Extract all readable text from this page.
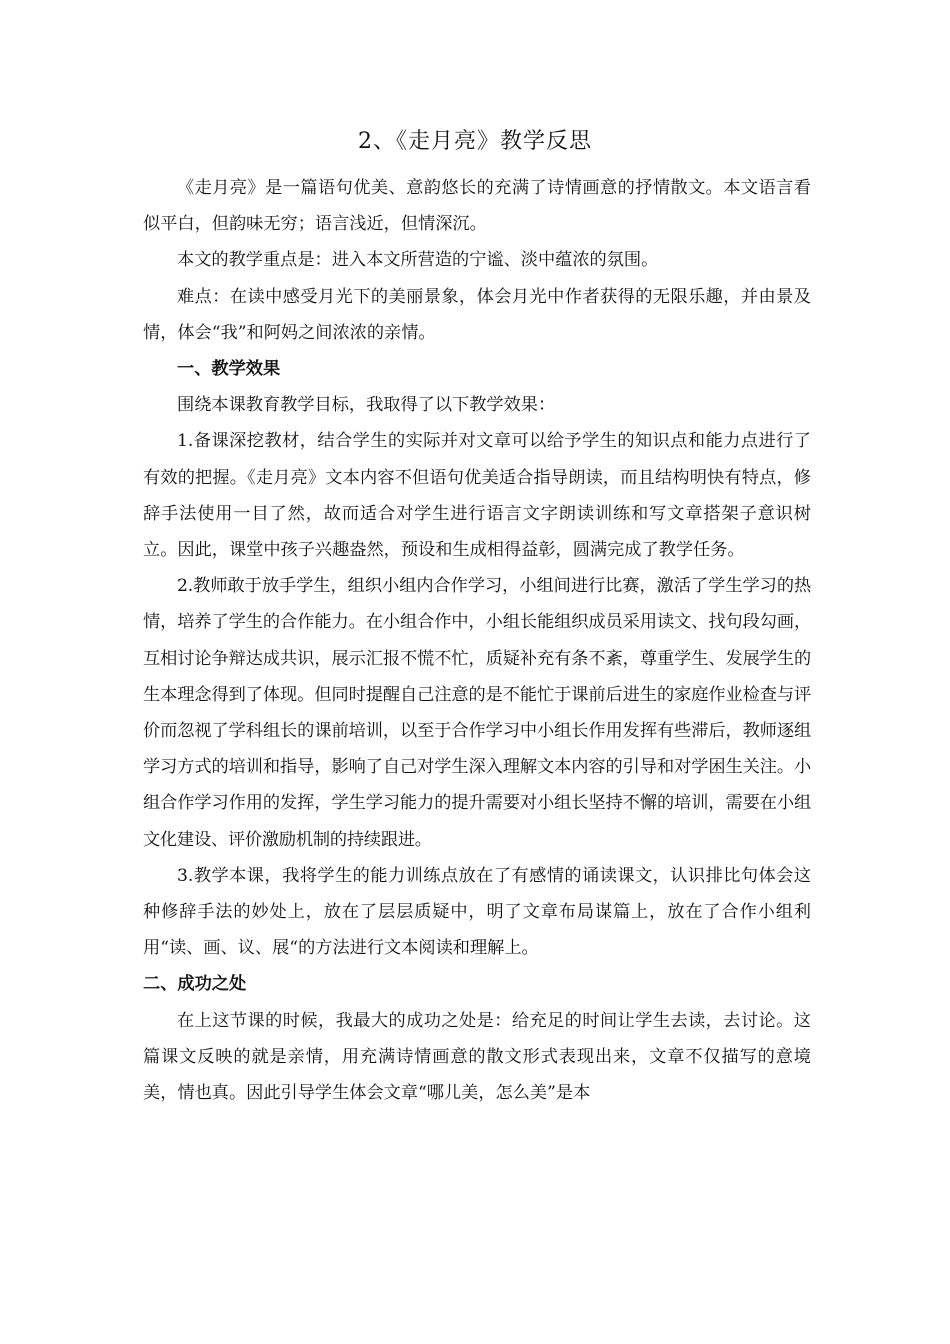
2、《走月亮》教学反思

《走月亮》是一篇语句优美、意韵悠长的充满了诗情画意的抒情散文。本文语言看似平白，但韵味无穷；语言浅近，但情深沉。

本文的教学重点是：进入本文所营造的宁谧、淡中蕴浓的氛围。

难点：在读中感受月光下的美丽景象，体会月光中作者获得的无限乐趣，并由景及情，体会“我”和阿妈之间浓浓的亲情。

一、教学效果

围绕本课教育教学目标，我取得了以下教学效果：

1.备课深挖教材，结合学生的实际并对文章可以给予学生的知识点和能力点进行了有效的把握。《走月亮》文本内容不但语句优美适合指导朗读，而且结构明快有特点，修辞手法使用一目了然，故而适合对学生进行语言文字朗读训练和写文章搭架子意识树立。因此，课堂中孩子兴趣盎然，预设和生成相得益彰，圆满完成了教学任务。

2.教师敢于放手学生，组织小组内合作学习，小组间进行比赛，激活了学生学习的热情，培养了学生的合作能力。在小组合作中，小组长能组织成员采用读文、找句段勾画，互相讨论争辩达成共识，展示汇报不慌不忙，质疑补充有条不紊，尊重学生、发展学生的生本理念得到了体现。但同时提醒自己注意的是不能忙于课前后进生的家庭作业检查与评价而忽视了学科组长的课前培训，以至于合作学习中小组长作用发挥有些滞后，教师逐组学习方式的培训和指导，影响了自己对学生深入理解文本内容的引导和对学困生关注。小组合作学习作用的发挥，学生学习能力的提升需要对小组长坚持不懈的培训，需要在小组文化建设、评价激励机制的持续跟进。

3.教学本课，我将学生的能力训练点放在了有感情的诵读课文，认识排比句体会这种修辞手法的妙处上，放在了层层质疑中，明了文章布局谋篇上，放在了合作小组利用“读、画、议、展“的方法进行文本阅读和理解上。

二、成功之处

在上这节课的时候，我最大的成功之处是：给充足的时间让学生去读，去讨论。这篇课文反映的就是亲情，用充满诗情画意的散文形式表现出来，文章不仅描写的意境美，情也真。因此引导学生体会文章“哪儿美，怎么美”是本
